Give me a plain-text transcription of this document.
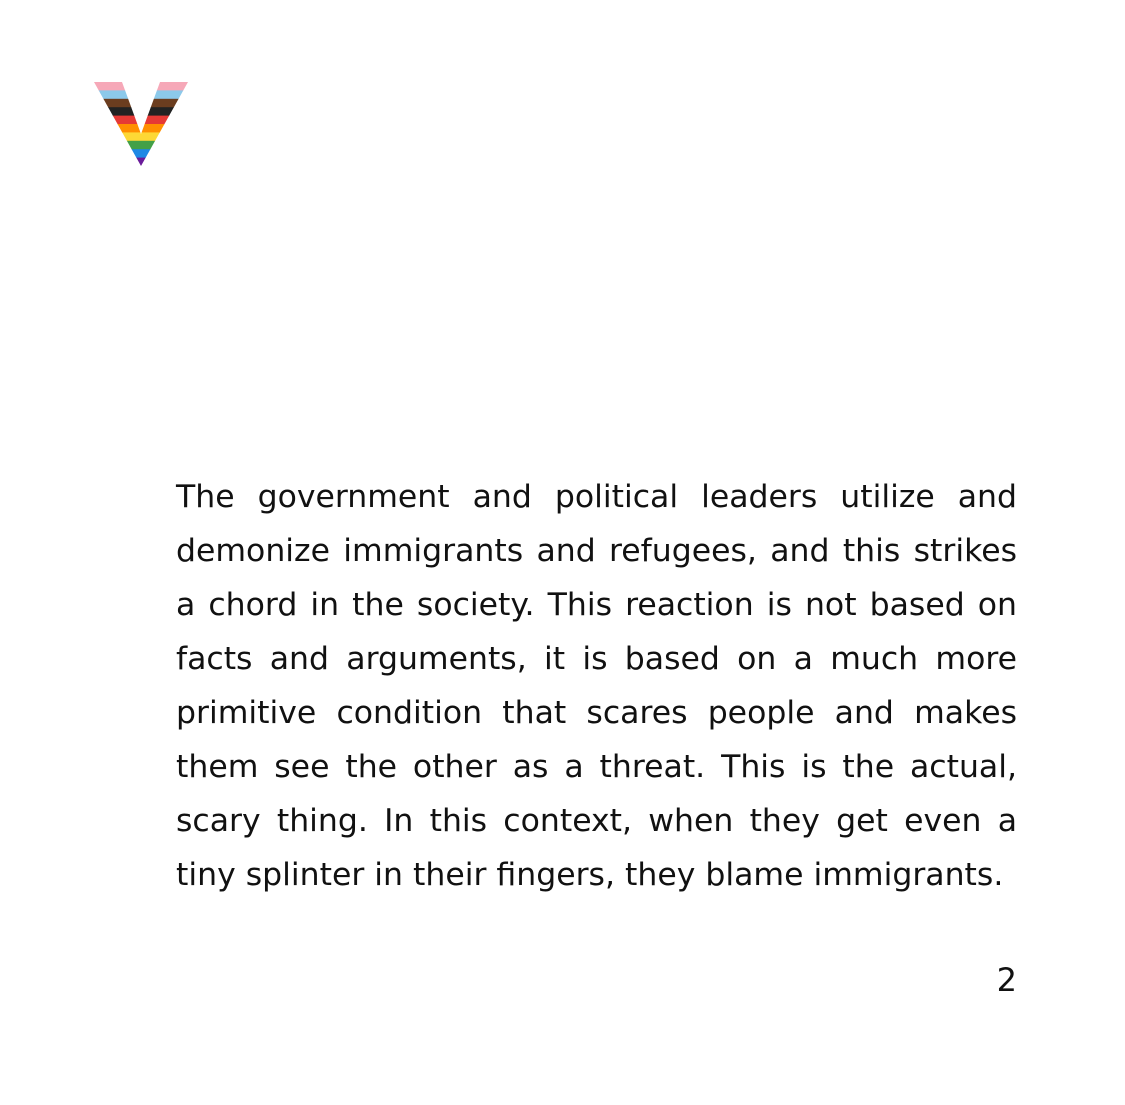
The government and political leaders utilize and demonize immigrants and refugees, and this strikes a chord in the society. This reaction is not based on facts and arguments, it is based on a much more primitive condition that scares people and makes them see the other as a threat. This is the actual, scary thing. In this context, when they get even a tiny splinter in their fingers, they blame immigrants.

2
